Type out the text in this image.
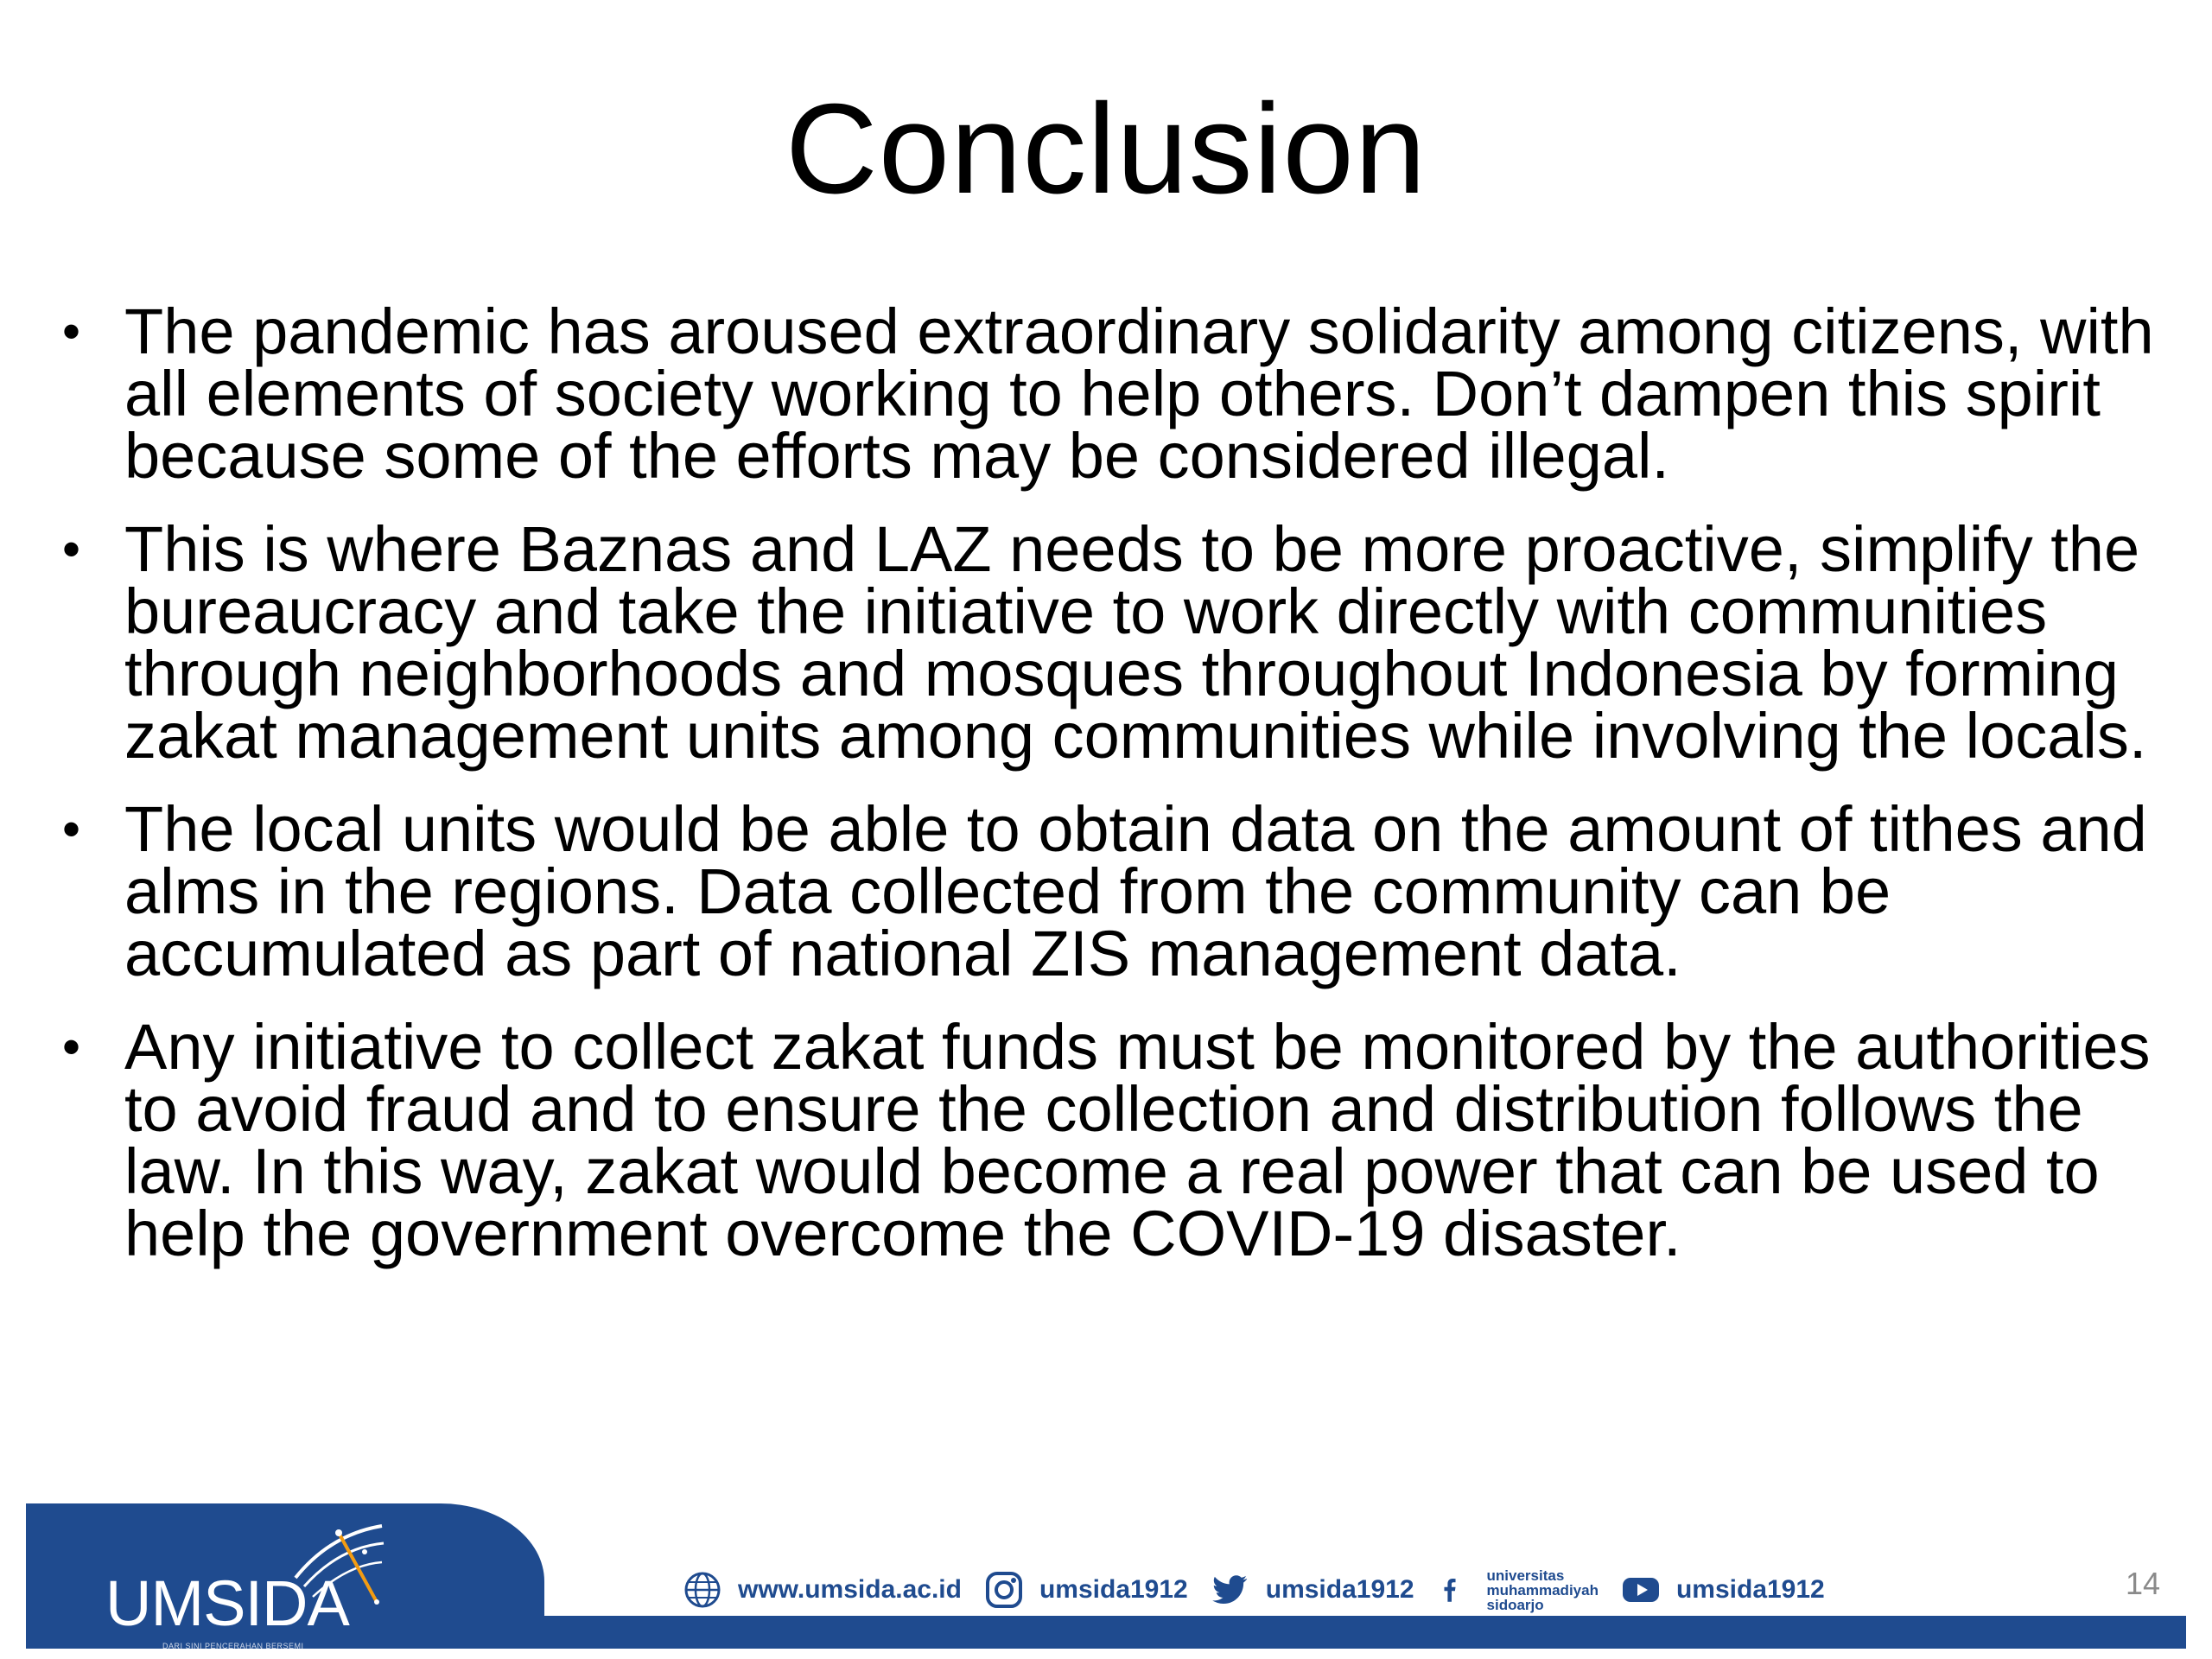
Conclusion
• The pandemic has aroused extraordinary solidarity among citizens, with all elements of society working to help others. Don’t dampen this spirit because some of the efforts may be considered illegal.
• This is where Baznas and LAZ needs to be more proactive, simplify the bureaucracy and take the initiative to work directly with communities through neighborhoods and mosques throughout Indonesia by forming zakat management units among communities while involving the locals.
• The local units would be able to obtain data on the amount of tithes and alms in the regions. Data collected from the community can be accumulated as part of national ZIS management data.
• Any initiative to collect zakat funds must be monitored by the authorities to avoid fraud and to ensure the collection and distribution follows the law. In this way, zakat would become a real power that can be used to help the government overcome the COVID-19 disaster.
UMSIDA
DARI SINI PENCERAHAN BERSEMI
www.umsida.ac.id	umsida1912	umsida1912	universitas
muhammadiyah
sidoarjo
umsida1912	14
